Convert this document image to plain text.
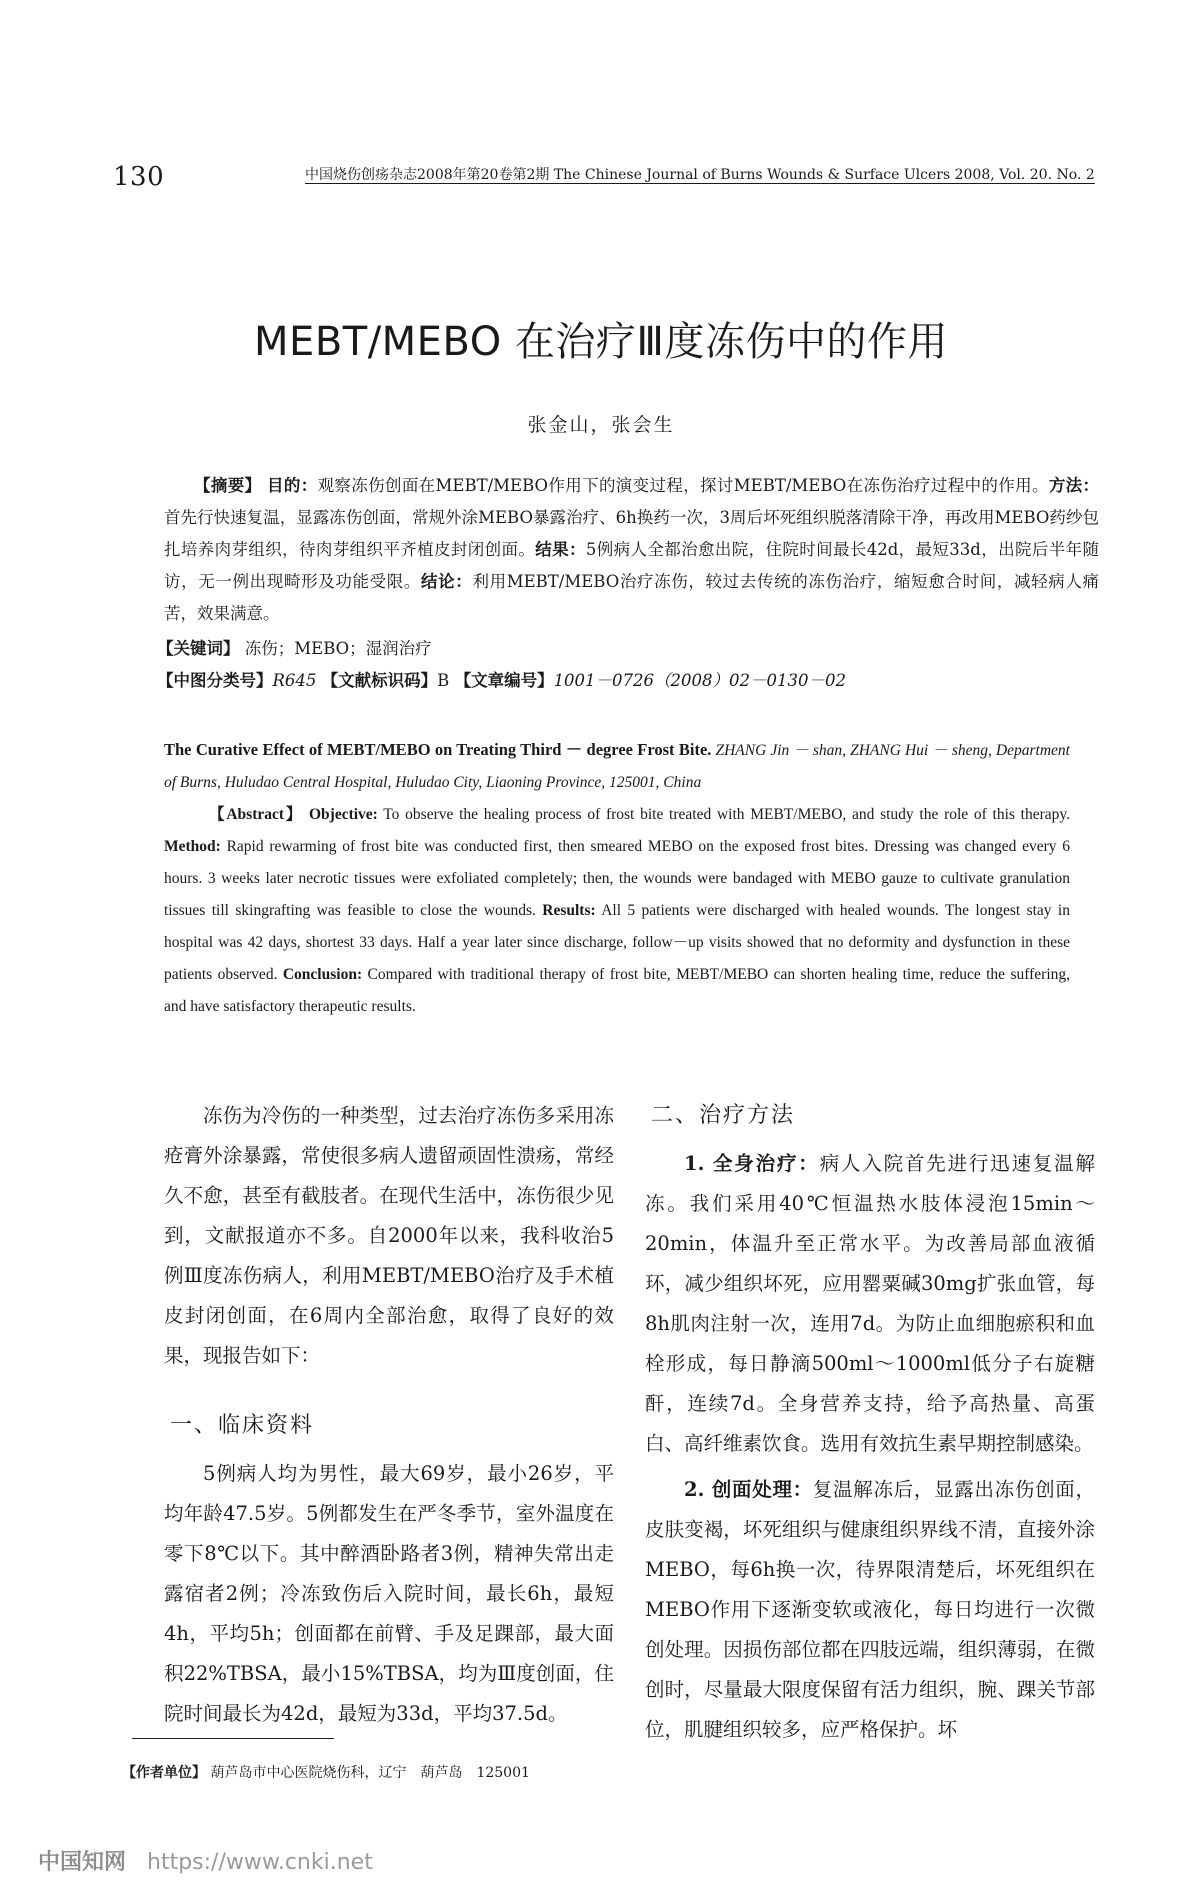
130	中国烧伤创疡杂志2008年第20卷第2期 The Chinese Journal of Burns Wounds & Surface Ulcers 2008, Vol. 20. No. 2
MEBT/MEBO 在治疗Ⅲ度冻伤中的作用
张金山，张会生

【摘要】 目的：观察冻伤创面在MEBT/MEBO作用下的演变过程，探讨MEBT/MEBO在冻伤治疗过程中的作用。方法：首先行快速复温，显露冻伤创面，常规外涂MEBO暴露治疗、6h换药一次，3周后坏死组织脱落清除干净，再改用MEBO药纱包扎培养肉芽组织，待肉芽组织平齐植皮封闭创面。结果：5例病人全都治愈出院，住院时间最长42d，最短33d，出院后半年随访，无一例出现畸形及功能受限。结论：利用MEBT/MEBO治疗冻伤，较过去传统的冻伤治疗，缩短愈合时间，减轻病人痛苦，效果满意。

【关键词】 冻伤；MEBO；湿润治疗
【中图分类号】R645 【文献标识码】B 【文章编号】1001－0726（2008）02－0130－02

The Curative Effect of MEBT/MEBO on Treating Third － degree Frost Bite. ZHANG Jin － shan, ZHANG Hui － sheng, Department of Burns, Huludao Central Hospital, Huludao City, Liaoning Province, 125001, China

【Abstract】 Objective: To observe the healing process of frost bite treated with MEBT/MEBO, and study the role of this therapy. Method: Rapid rewarming of frost bite was conducted first, then smeared MEBO on the exposed frost bites. Dressing was changed every 6 hours. 3 weeks later necrotic tissues were exfoliated completely; then, the wounds were bandaged with MEBO gauze to cultivate granulation tissues till skingrafting was feasible to close the wounds. Results: All 5 patients were discharged with healed wounds. The longest stay in hospital was 42 days, shortest 33 days. Half a year later since discharge, follow－up visits showed that no deformity and dysfunction in these patients observed. Conclusion: Compared with traditional therapy of frost bite, MEBT/MEBO can shorten healing time, reduce the suffering, and have satisfactory therapeutic results.

冻伤为冷伤的一种类型，过去治疗冻伤多采用冻疮膏外涂暴露，常使很多病人遗留顽固性溃疡，常经久不愈，甚至有截肢者。在现代生活中，冻伤很少见到，文献报道亦不多。自2000年以来，我科收治5例Ⅲ度冻伤病人，利用MEBT/MEBO治疗及手术植皮封闭创面，在6周内全部治愈，取得了良好的效果，现报告如下：

一、临床资料

5例病人均为男性，最大69岁，最小26岁，平均年龄47.5岁。5例都发生在严冬季节，室外温度在零下8℃以下。其中醉酒卧路者3例，精神失常出走露宿者2例；冷冻致伤后入院时间，最长6h，最短4h，平均5h；创面都在前臂、手及足踝部，最大面积22%TBSA，最小15%TBSA，均为Ⅲ度创面，住院时间最长为42d，最短为33d，平均37.5d。

二、治疗方法

1. 全身治疗：病人入院首先进行迅速复温解冻。我们采用40℃恒温热水肢体浸泡15min～20min，体温升至正常水平。为改善局部血液循环，减少组织坏死，应用罂粟碱30mg扩张血管，每8h肌肉注射一次，连用7d。为防止血细胞瘀积和血栓形成，每日静滴500ml～1000ml低分子右旋糖酐，连续7d。全身营养支持，给予高热量、高蛋白、高纤维素饮食。选用有效抗生素早期控制感染。

2. 创面处理：复温解冻后，显露出冻伤创面，皮肤变褐，坏死组织与健康组织界线不清，直接外涂MEBO，每6h换一次，待界限清楚后，坏死组织在MEBO作用下逐渐变软或液化，每日均进行一次微创处理。因损伤部位都在四肢远端，组织薄弱，在微创时，尽量最大限度保留有活力组织，腕、踝关节部位，肌腱组织较多，应严格保护。坏

【作者单位】 葫芦岛市中心医院烧伤科，辽宁　葫芦岛　125001
中国知网 https://www.cnki.net
